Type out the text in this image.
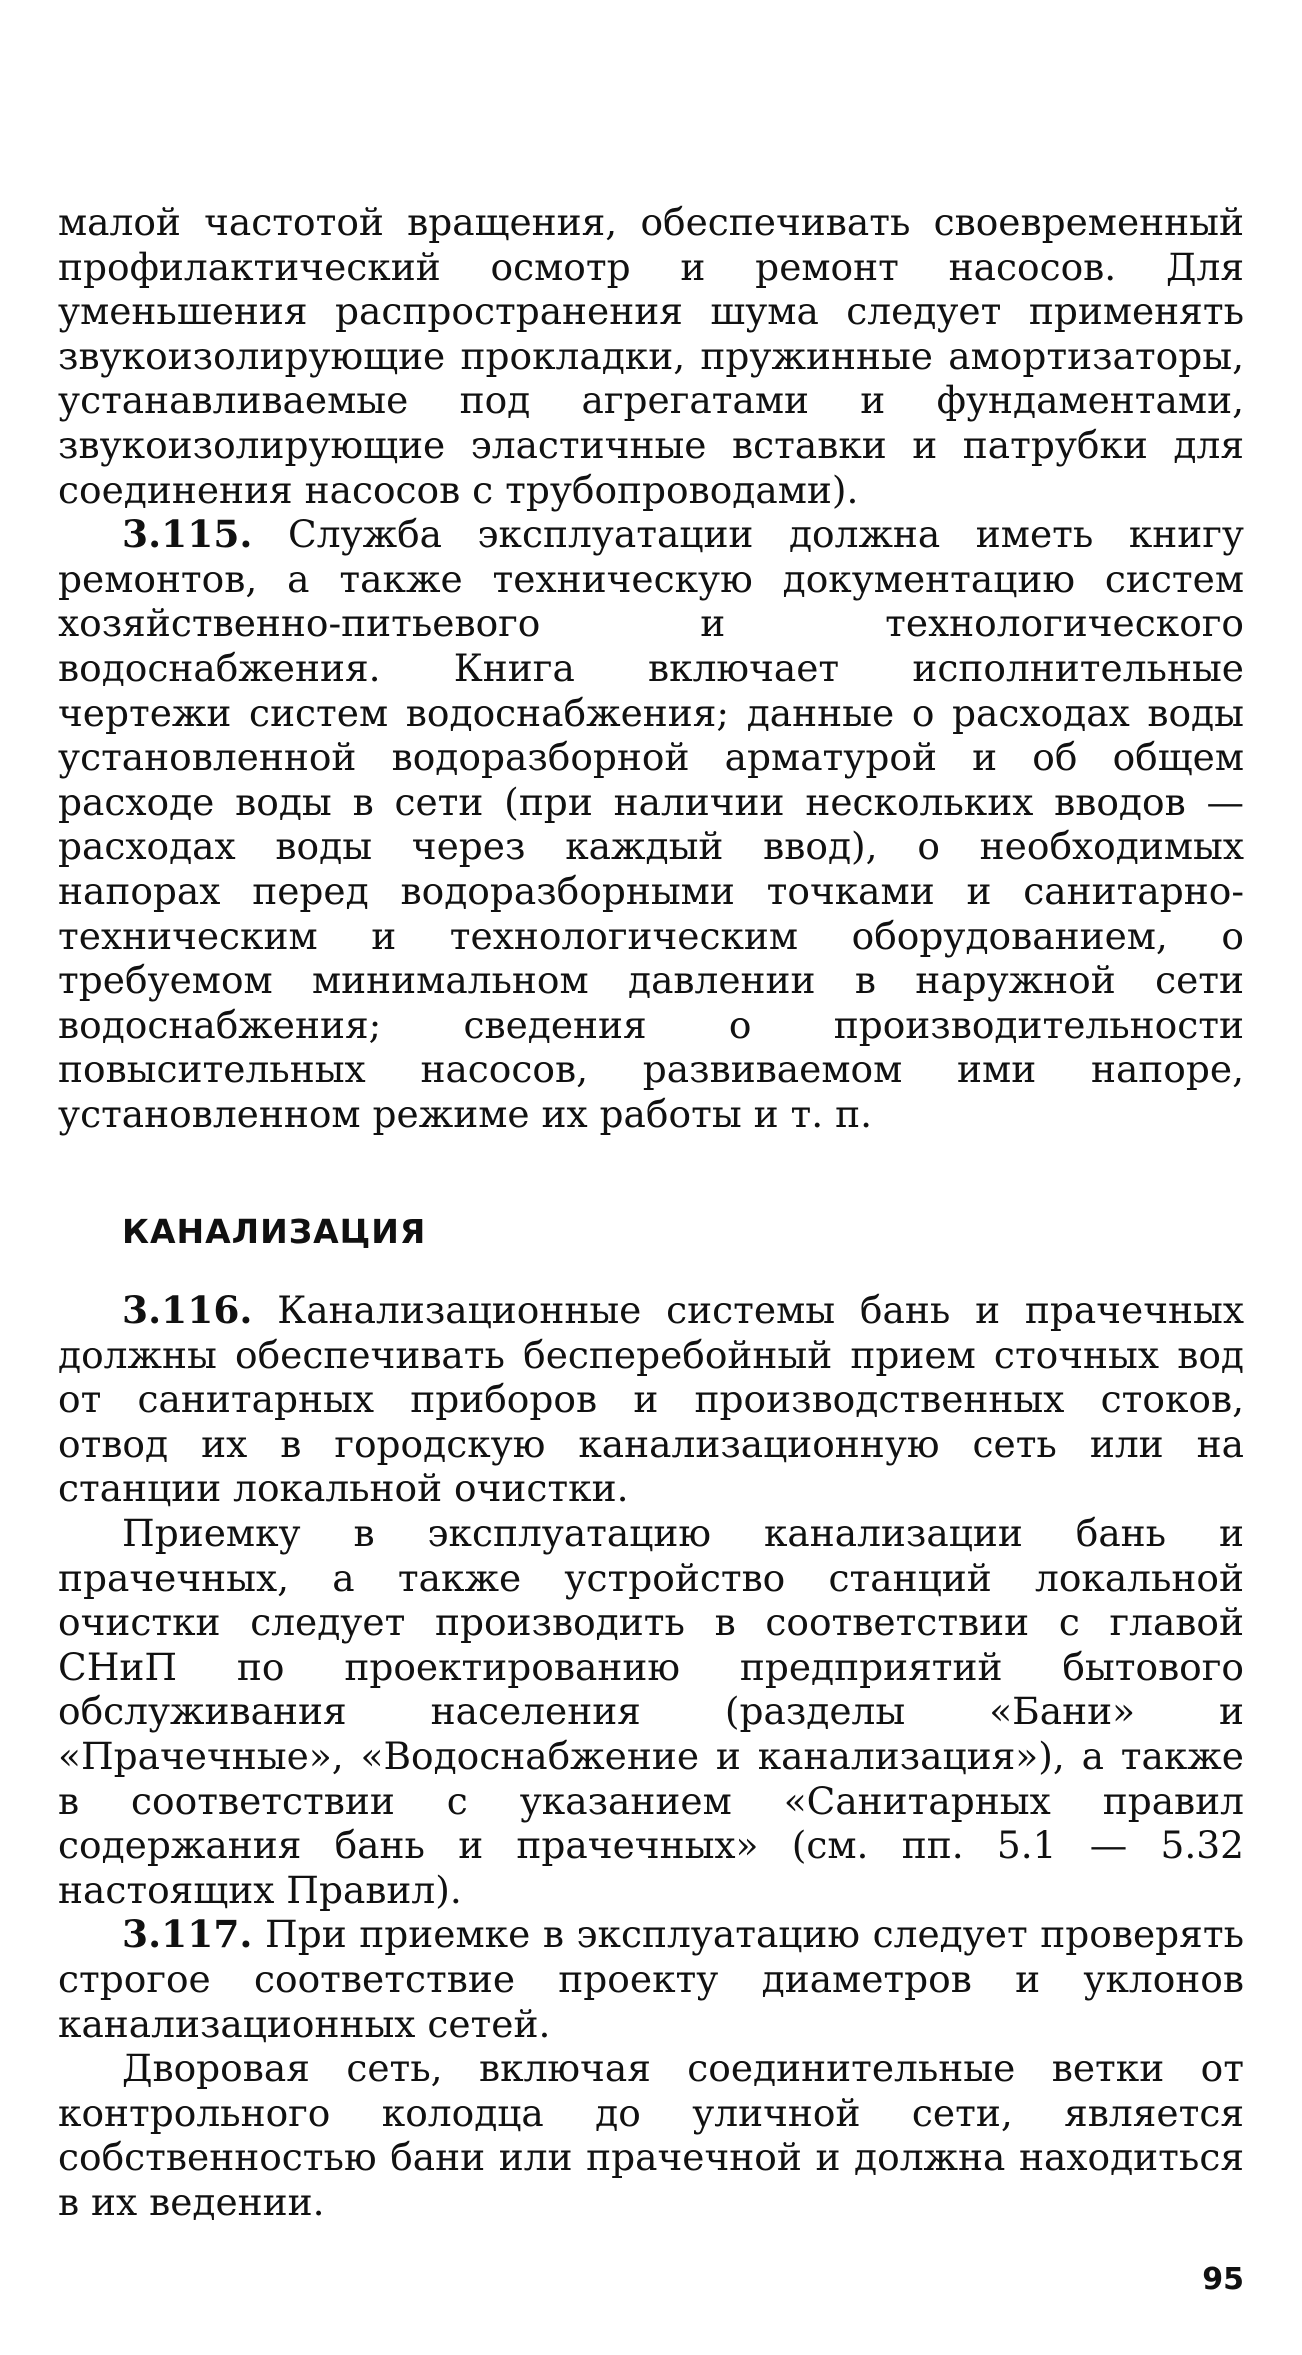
малой частотой вращения, обеспечивать своевременный профилактический осмотр и ремонт насосов. Для уменьшения распространения шума следует применять звукоизолирующие прокладки, пружинные амортизаторы, устанавливаемые под агрегатами и фундаментами, звукоизолирующие эластичные вставки и патрубки для соединения насосов с трубопроводами).

3.115. Служба эксплуатации должна иметь книгу ремонтов, а также техническую документацию систем хозяйственно-питьевого и технологического водоснабжения. Книга включает исполнительные чертежи систем водоснабжения; данные о расходах воды установленной водоразборной арматурой и об общем расходе воды в сети (при наличии нескольких вводов — расходах воды через каждый ввод), о необходимых напорах перед водоразборными точками и санитарно-техническим и технологическим оборудованием, о требуемом минимальном давлении в наружной сети водоснабжения; сведения о производительности повысительных насосов, развиваемом ими напоре, установленном режиме их работы и т. п.

КАНАЛИЗАЦИЯ

3.116. Канализационные системы бань и прачечных должны обеспечивать бесперебойный прием сточных вод от санитарных приборов и производственных стоков, отвод их в городскую канализационную сеть или на станции локальной очистки.

Приемку в эксплуатацию канализации бань и прачечных, а также устройство станций локальной очистки следует производить в соответствии с главой СНиП по проектированию предприятий бытового обслуживания населения (разделы «Бани» и «Прачечные», «Водоснабжение и канализация»), а также в соответствии с указанием «Санитарных правил содержания бань и прачечных» (см. пп. 5.1 — 5.32 настоящих Правил).

3.117. При приемке в эксплуатацию следует проверять строгое соответствие проекту диаметров и уклонов канализационных сетей.

Дворовая сеть, включая соединительные ветки от контрольного колодца до уличной сети, является собственностью бани или прачечной и должна находиться в их ведении.

95
